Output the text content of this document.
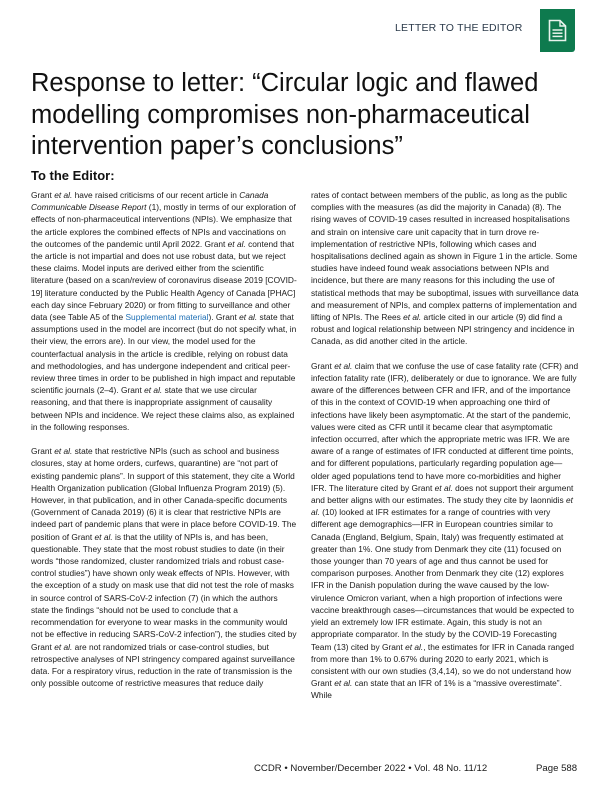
LETTER TO THE EDITOR
Response to letter: “Circular logic and flawed modelling compromises non-pharmaceutical intervention paper’s conclusions”
To the Editor:

Grant et al. have raised criticisms of our recent article in Canada Communicable Disease Report (1), mostly in terms of our exploration of effects of non-pharmaceutical interventions (NPIs). We emphasize that the article explores the combined effects of NPIs and vaccinations on the outcomes of the pandemic until April 2022. Grant et al. contend that the article is not impartial and does not use robust data, but we reject these claims. Model inputs are derived either from the scientific literature (based on a scan/review of coronavirus disease 2019 [COVID-19] literature conducted by the Public Health Agency of Canada [PHAC] each day since February 2020) or from fitting to surveillance and other data (see Table A5 of the Supplemental material). Grant et al. state that assumptions used in the model are incorrect (but do not specify what, in their view, the errors are). In our view, the model used for the counterfactual analysis in the article is credible, relying on robust data and methodologies, and has undergone independent and critical peer-review three times in order to be published in high impact and reputable scientific journals (2–4). Grant et al. state that we use circular reasoning, and that there is inappropriate assignment of causality between NPIs and incidence. We reject these claims also, as explained in the following responses.

Grant et al. state that restrictive NPIs (such as school and business closures, stay at home orders, curfews, quarantine) are “not part of existing pandemic plans”. In support of this statement, they cite a World Health Organization publication (Global Influenza Program 2019) (5). However, in that publication, and in other Canada-specific documents (Government of Canada 2019) (6) it is clear that restrictive NPIs are indeed part of pandemic plans that were in place before COVID-19. The position of Grant et al. is that the utility of NPIs is, and has been, questionable. They state that the most robust studies to date (in their words “those randomized, cluster randomized trials and robust case-control studies”) have shown only weak effects of NPIs. However, with the exception of a study on mask use that did not test the role of masks in source control of SARS-CoV-2 infection (7) (in which the authors state the findings “should not be used to conclude that a recommendation for everyone to wear masks in the community would not be effective in reducing SARS-CoV-2 infection”), the studies cited by Grant et al. are not randomized trials or case-control studies, but retrospective analyses of NPI stringency compared against surveillance data. For a respiratory virus, reduction in the rate of transmission is the only possible outcome of restrictive measures that reduce daily

rates of contact between members of the public, as long as the public complies with the measures (as did the majority in Canada) (8). The rising waves of COVID-19 cases resulted in increased hospitalisations and strain on intensive care unit capacity that in turn drove re-implementation of restrictive NPIs, following which cases and hospitalisations declined again as shown in Figure 1 in the article. Some studies have indeed found weak associations between NPIs and incidence, but there are many reasons for this including the use of statistical methods that may be suboptimal, issues with surveillance data and measurement of NPIs, and complex patterns of implementation and lifting of NPIs. The Rees et al. article cited in our article (9) did find a robust and logical relationship between NPI stringency and incidence in Canada, as did another cited in the article.

Grant et al. claim that we confuse the use of case fatality rate (CFR) and infection fatality rate (IFR), deliberately or due to ignorance. We are fully aware of the differences between CFR and IFR, and of the importance of this in the context of COVID-19 when approaching one third of infections have likely been asymptomatic. At the start of the pandemic, values were cited as CFR until it became clear that asymptomatic infection occurred, after which the appropriate metric was IFR. We are aware of a range of estimates of IFR conducted at different time points, and for different populations, particularly regarding population age—older aged populations tend to have more co-morbidities and higher IFR. The literature cited by Grant et al. does not support their argument and better aligns with our estimates. The study they cite by Iaonnidis et al. (10) looked at IFR estimates for a range of countries with very different age demographics—IFR in European countries similar to Canada (England, Belgium, Spain, Italy) was frequently estimated at greater than 1%. One study from Denmark they cite (11) focused on those younger than 70 years of age and thus cannot be used for comparison purposes. Another from Denmark they cite (12) explores IFR in the Danish population during the wave caused by the low-virulence Omicron variant, when a high proportion of infections were vaccine breakthrough cases—circumstances that would be expected to yield an extremely low IFR estimate. Again, this study is not an appropriate comparator. In the study by the COVID-19 Forecasting Team (13) cited by Grant et al., the estimates for IFR in Canada ranged from more than 1% to 0.67% during 2020 to early 2021, which is consistent with our own studies (3,4,14), so we do not understand how Grant et al. can state that an IFR of 1% is a “massive overestimate”. While

CCDR • November/December 2022 • Vol. 48 No. 11/12	Page 588
